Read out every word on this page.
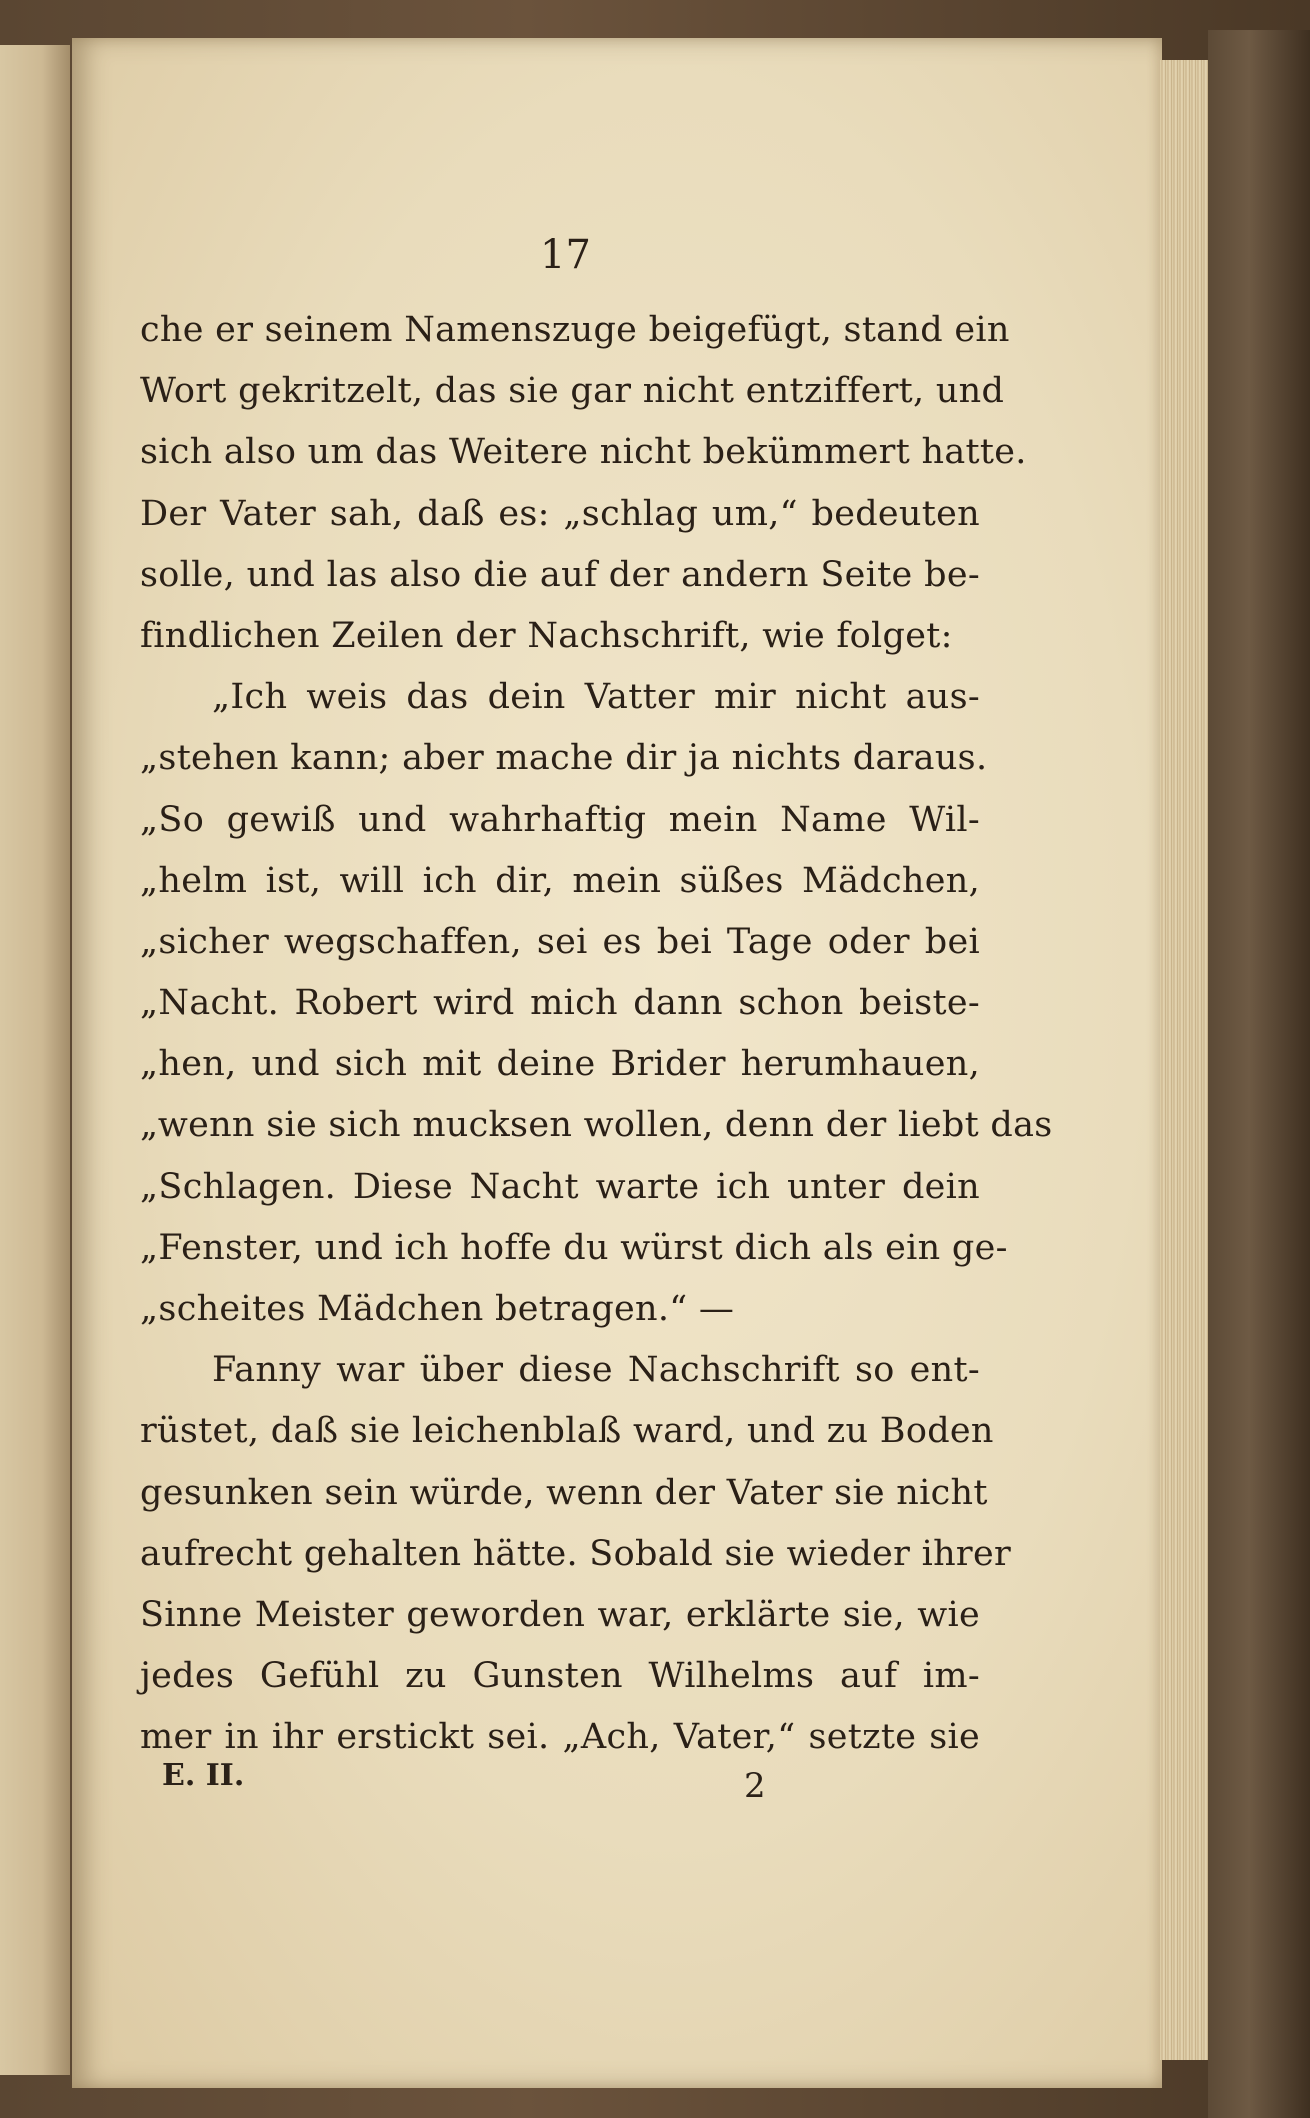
17
che er seinem Namenszuge beigefügt, stand ein
Wort gekritzelt, das sie gar nicht entziffert, und
sich also um das Weitere nicht bekümmert hatte.
Der Vater sah, daß es: „schlag um,“ bedeuten
solle, und las also die auf der andern Seite be-
findlichen Zeilen der Nachschrift, wie folget:
„Ich weis das dein Vatter mir nicht aus-
„stehen kann; aber mache dir ja nichts daraus.
„So gewiß und wahrhaftig mein Name Wil-
„helm ist, will ich dir, mein süßes Mädchen,
„sicher wegschaffen, sei es bei Tage oder bei
„Nacht. Robert wird mich dann schon beiste-
„hen, und sich mit deine Brider herumhauen,
„wenn sie sich mucksen wollen, denn der liebt das
„Schlagen. Diese Nacht warte ich unter dein
„Fenster, und ich hoffe du würst dich als ein ge-
„scheites Mädchen betragen.“ —
Fanny war über diese Nachschrift so ent-
rüstet, daß sie leichenblaß ward, und zu Boden
gesunken sein würde, wenn der Vater sie nicht
aufrecht gehalten hätte. Sobald sie wieder ihrer
Sinne Meister geworden war, erklärte sie, wie
jedes Gefühl zu Gunsten Wilhelms auf im-
mer in ihr erstickt sei. „Ach, Vater,“ setzte sie
E. II.	2
